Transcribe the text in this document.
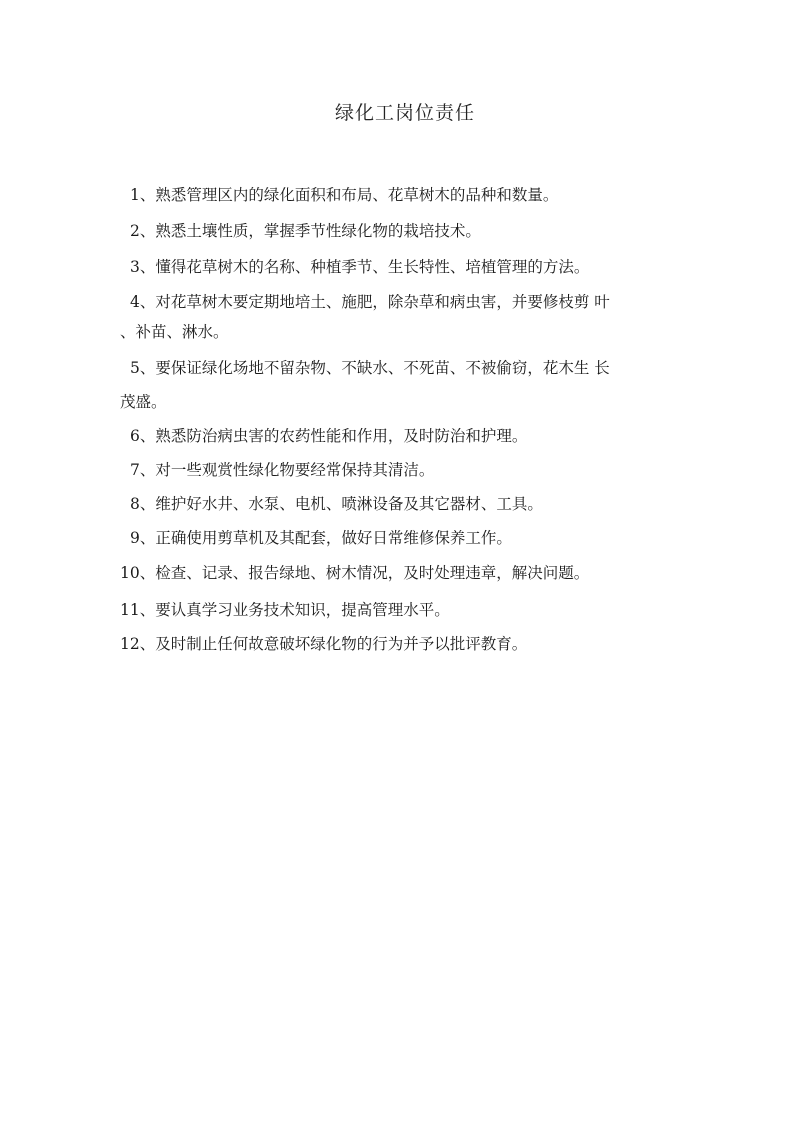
绿化工岗位责任
1、熟悉管理区内的绿化面积和布局、花草树木的品种和数量。
2、熟悉土壤性质，掌握季节性绿化物的栽培技术。
3、懂得花草树木的名称、种植季节、生长特性、培植管理的方法。
4、对花草树木要定期地培土、施肥，除杂草和病虫害，并要修枝剪 叶
、补苗、淋水。
5、要保证绿化场地不留杂物、不缺水、不死苗、不被偷窃，花木生 长
茂盛。
6、熟悉防治病虫害的农药性能和作用，及时防治和护理。
7、对一些观赏性绿化物要经常保持其清洁。
8、维护好水井、水泵、电机、喷淋设备及其它器材、工具。
9、正确使用剪草机及其配套，做好日常维修保养工作。
10、检查、记录、报告绿地、树木情况，及时处理违章，解决问题。
11、要认真学习业务技术知识，提高管理水平。
12、及时制止任何故意破坏绿化物的行为并予以批评教育。
